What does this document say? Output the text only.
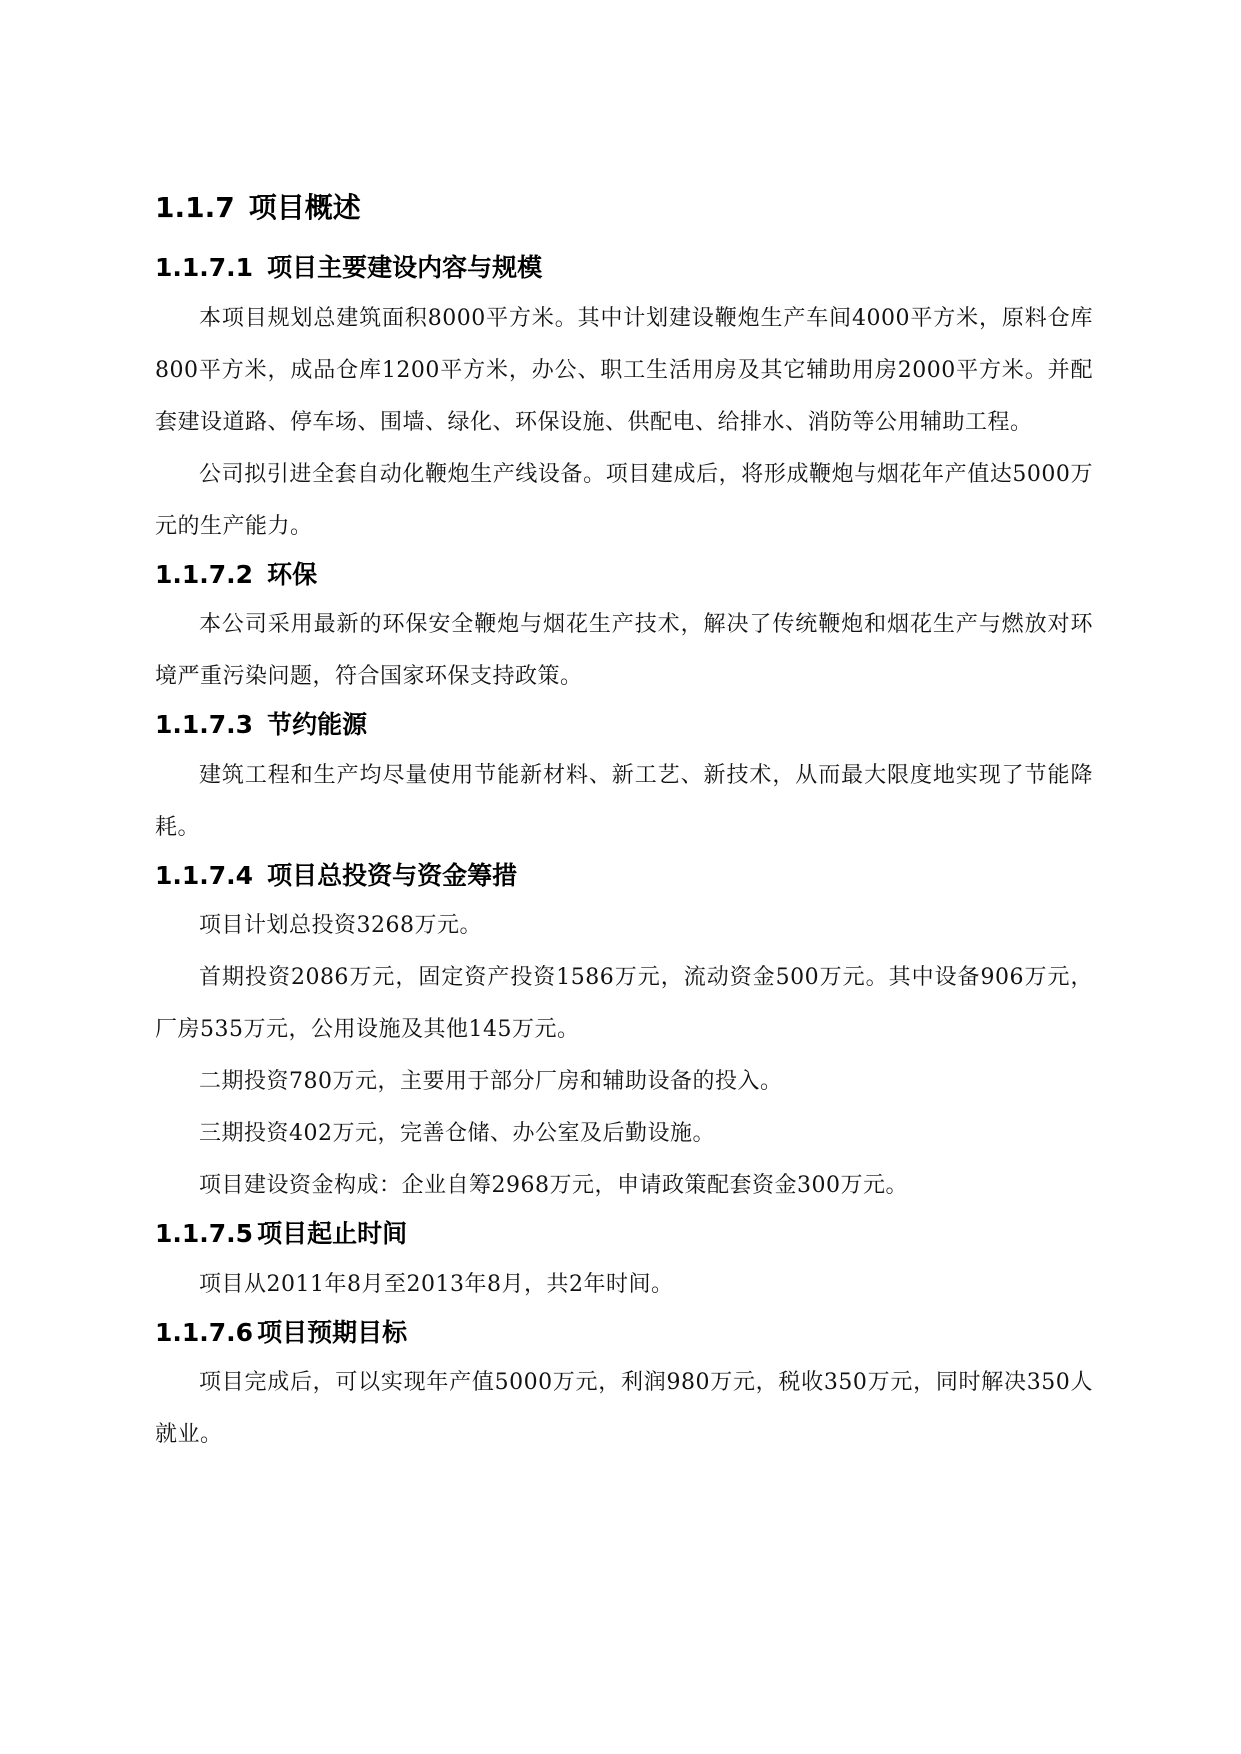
1.1.7 项目概述
1.1.7.1 项目主要建设内容与规模

本项目规划总建筑面积8000平方米。其中计划建设鞭炮生产车间4000平方米，原料仓库800平方米，成品仓库1200平方米，办公、职工生活用房及其它辅助用房2000平方米。并配套建设道路、停车场、围墙、绿化、环保设施、供配电、给排水、消防等公用辅助工程。

公司拟引进全套自动化鞭炮生产线设备。项目建成后，将形成鞭炮与烟花年产值达5000万元的生产能力。

1.1.7.2 环保

本公司采用最新的环保安全鞭炮与烟花生产技术，解决了传统鞭炮和烟花生产与燃放对环境严重污染问题，符合国家环保支持政策。

1.1.7.3 节约能源

建筑工程和生产均尽量使用节能新材料、新工艺、新技术，从而最大限度地实现了节能降耗。

1.1.7.4 项目总投资与资金筹措

项目计划总投资3268万元。

首期投资2086万元，固定资产投资1586万元，流动资金500万元。其中设备906万元，厂房535万元，公用设施及其他145万元。

二期投资780万元，主要用于部分厂房和辅助设备的投入。

三期投资402万元，完善仓储、办公室及后勤设施。

项目建设资金构成：企业自筹2968万元，申请政策配套资金300万元。

1.1.7.5 项目起止时间

项目从2011年8月至2013年8月，共2年时间。

1.1.7.6 项目预期目标

项目完成后，可以实现年产值5000万元，利润980万元，税收350万元，同时解决350人就业。
